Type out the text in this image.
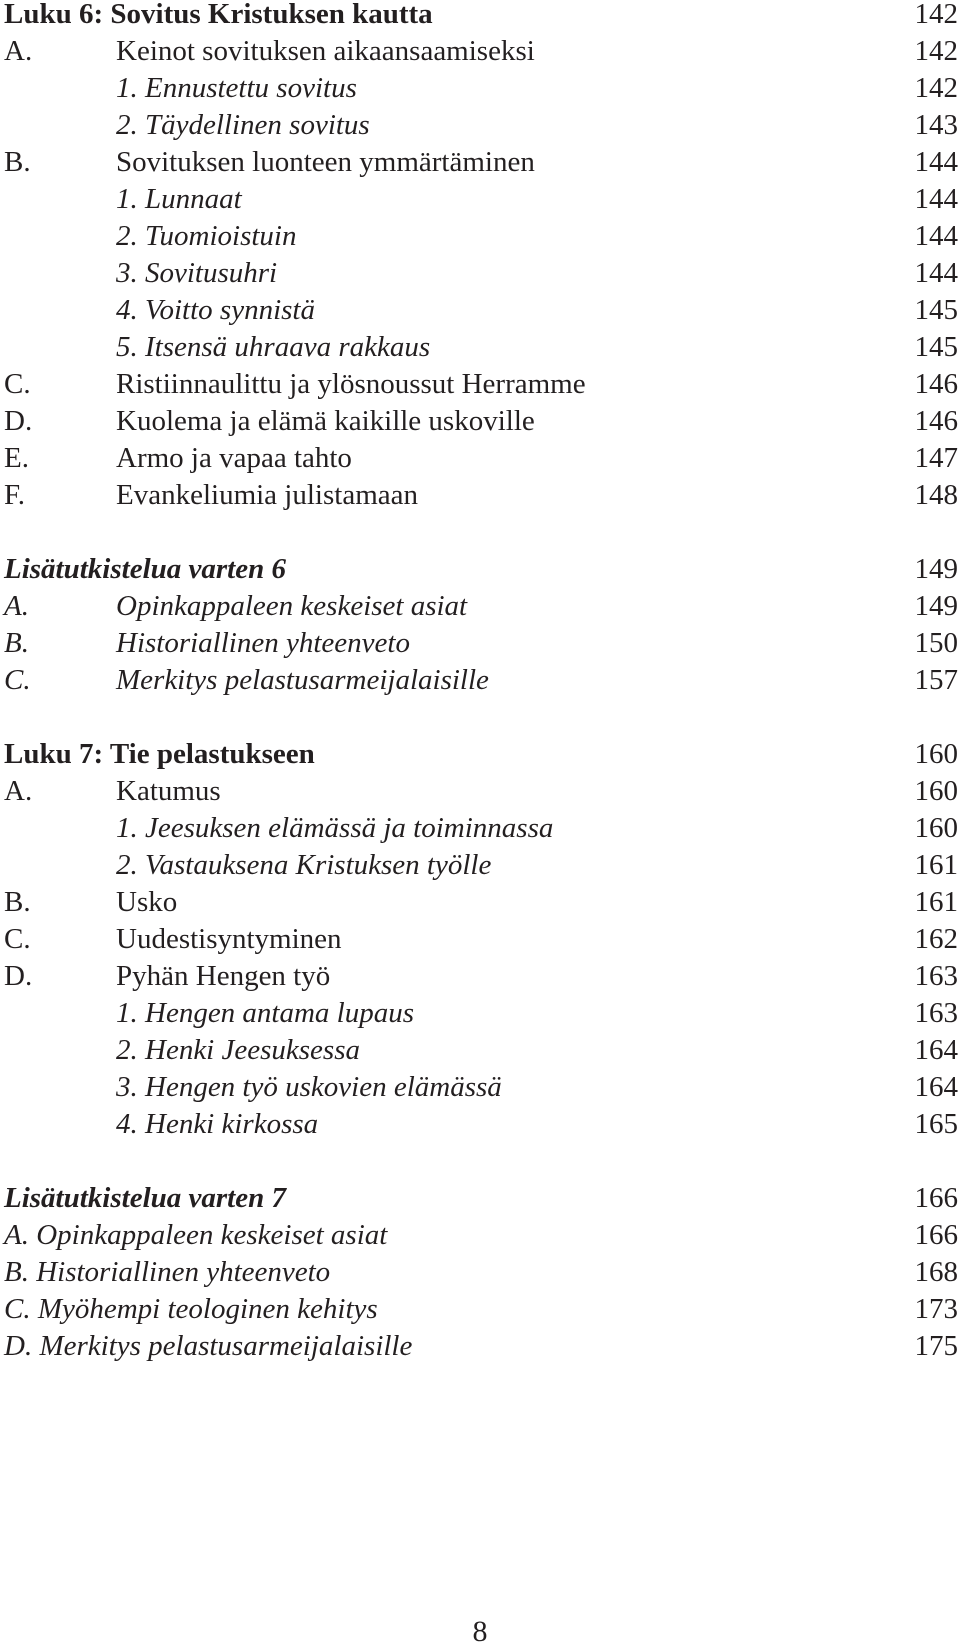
Luku 6: Sovitus Kristuksen kautta	142
A.	Keinot sovituksen aikaansaamiseksi	142
1. Ennustettu sovitus	142
2. Täydellinen sovitus	143
B.	Sovituksen luonteen ymmärtäminen	144
1. Lunnaat	144
2. Tuomioistuin	144
3. Sovitusuhri	144
4. Voitto synnistä	145
5. Itsensä uhraava rakkaus	145
C.	Ristiinnaulittu ja ylösnoussut Herramme	146
D.	Kuolema ja elämä kaikille uskoville	146
E.	Armo ja vapaa tahto	147
F.	Evankeliumia julistamaan	148
Lisätutkistelua varten 6	149
A.	Opinkappaleen keskeiset asiat	149
B.	Historiallinen yhteenveto	150
C.	Merkitys pelastusarmeijalaisille	157
Luku 7: Tie pelastukseen	160
A.	Katumus	160
1. Jeesuksen elämässä ja toiminnassa	160
2. Vastauksena Kristuksen työlle	161
B.	Usko	161
C.	Uudestisyntyminen	162
D.	Pyhän Hengen työ	163
1. Hengen antama lupaus	163
2. Henki Jeesuksessa	164
3. Hengen työ uskovien elämässä	164
4. Henki kirkossa	165
Lisätutkistelua varten 7	166
A. Opinkappaleen keskeiset asiat	166
B. Historiallinen yhteenveto	168
C. Myöhempi teologinen kehitys	173
D. Merkitys pelastusarmeijalaisille	175
8
